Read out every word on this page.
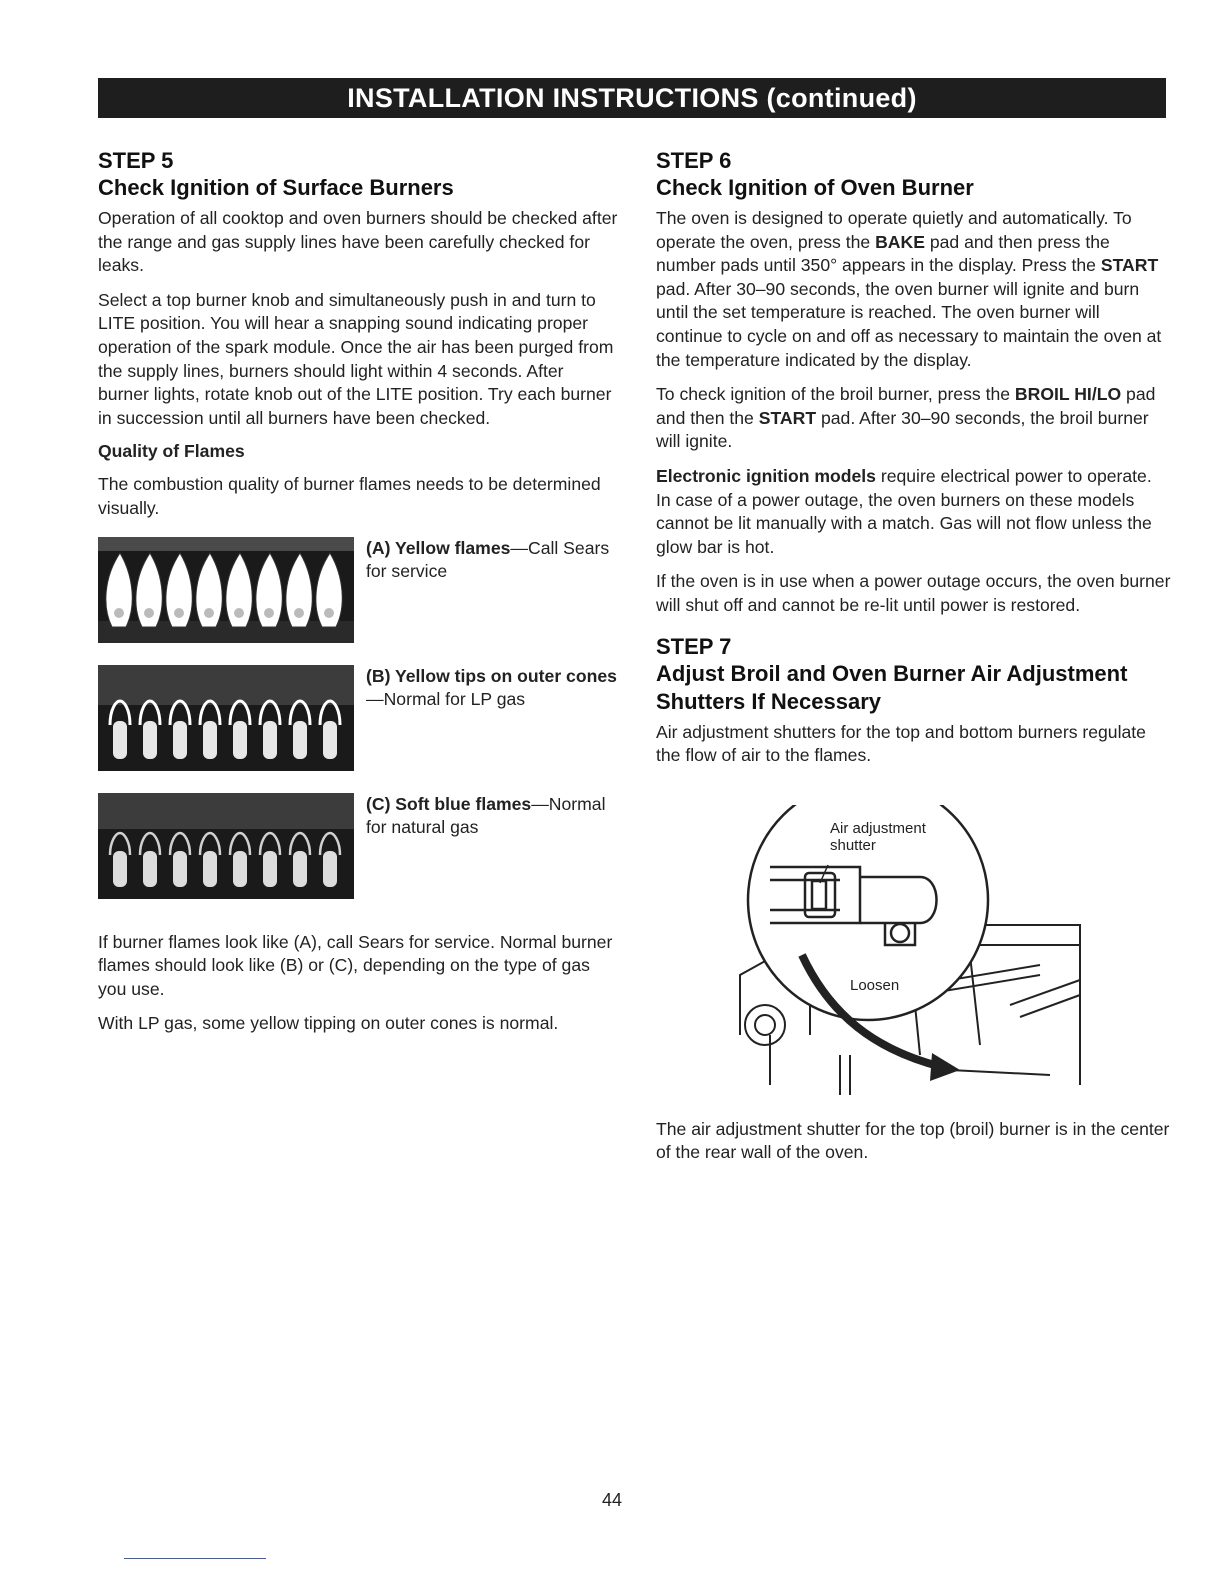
INSTALLATION INSTRUCTIONS (continued)
STEP 5
Check Ignition of Surface Burners

Operation of all cooktop and oven burners should be checked after the range and gas supply lines have been carefully checked for leaks.

Select a top burner knob and simultaneously push in and turn to LITE position. You will hear a snapping sound indicating proper operation of the spark module. Once the air has been purged from the supply lines, burners should light within 4 seconds. After burner lights, rotate knob out of the LITE position. Try each burner in succession until all burners have been checked.

Quality of Flames

The combustion quality of burner flames needs to be determined visually.

(A) Yellow flames—Call Sears for service
(B) Yellow tips on outer cones—Normal for LP gas
(C) Soft blue flames—Normal for natural gas

If burner flames look like (A), call Sears for service. Normal burner flames should look like (B) or (C), depending on the type of gas you use.

With LP gas, some yellow tipping on outer cones is normal.

STEP 6
Check Ignition of Oven Burner

The oven is designed to operate quietly and automatically. To operate the oven, press the BAKE pad and then press the number pads until 350° appears in the display. Press the START pad. After 30–90 seconds, the oven burner will ignite and burn until the set temperature is reached. The oven burner will continue to cycle on and off as necessary to maintain the oven at the temperature indicated by the display.

To check ignition of the broil burner, press the BROIL HI/LO pad and then the START pad. After 30–90 seconds, the broil burner will ignite.

Electronic ignition models require electrical power to operate. In case of a power outage, the oven burners on these models cannot be lit manually with a match. Gas will not flow unless the glow bar is hot.

If the oven is in use when a power outage occurs, the oven burner will shut off and cannot be re-lit until power is restored.

STEP 7
Adjust Broil and Oven Burner Air Adjustment Shutters If Necessary

Air adjustment shutters for the top and bottom burners regulate the flow of air to the flames.

Air adjustment
shutter
Loosen

The air adjustment shutter for the top (broil) burner is in the center of the rear wall of the oven.

44
